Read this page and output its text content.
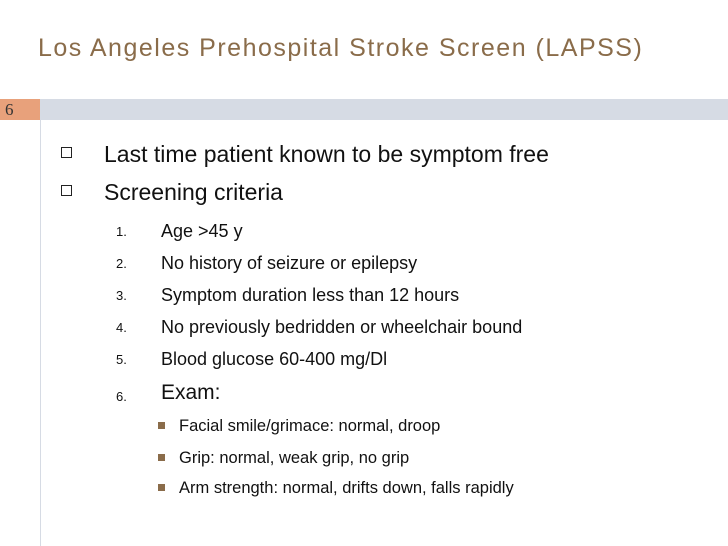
Los Angeles Prehospital Stroke Screen (LAPSS)
6
Last time patient known to be symptom free
Screening criteria
1. Age >45 y
2. No history of seizure or epilepsy
3. Symptom duration less than 12 hours
4. No previously bedridden or wheelchair bound
5. Blood glucose 60-400 mg/Dl
6. Exam:
Facial smile/grimace: normal, droop
Grip: normal, weak grip, no grip
Arm strength: normal, drifts down, falls rapidly
